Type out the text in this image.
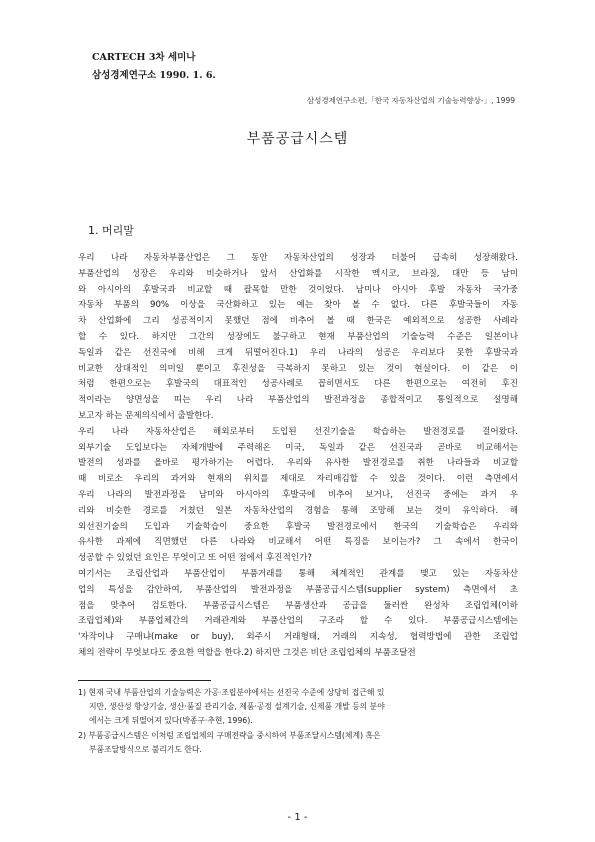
CARTECH 3차 세미나
삼성경제연구소 1990. 1. 6.
삼성경제연구소편,「한국 자동차산업의 기술능력향상-」, 1999
부품공급시스템
1. 머리말
우리 나라 자동차부품산업은 그 동안 자동차산업의 성장과 더불어 급속히 성장해왔다.
부품산업의 성장은 우리와 비슷하거나 앞서 산업화를 시작한 멕시코, 브라질, 대만 등 남미
와 아시아의 후발국과 비교할 때 괄목할 만한 것이었다. 남미나 아시아 후발 자동차 국가중
자동차 부품의 90% 이상을 국산화하고 있는 예는 찾아 볼 수 없다. 다른 후발국들이 자동
차 산업화에 그리 성공적이지 못했던 점에 비추어 볼 때 한국은 예외적으로 성공한 사례라
할 수 있다. 하지만 그간의 성장에도 불구하고 현재 부품산업의 기술능력 수준은 일본이나
독일과 같은 선진국에 비해 크게 뒤떨어진다.1) 우리 나라의 성공은 우리보다 못한 후발국과
비교한 상대적인 의미일 뿐이고 후진성을 극복하지 못하고 있는 것이 현실이다. 이 같은 이
처럼 한편으로는 후발국의 대표적인 성공사례로 꼽히면서도 다른 한편으로는 여전히 후진
적이라는 양면성을 띠는 우리 나라 부품산업의 발전과정을 종합적이고 통일적으로 설명해
보고자 하는 문제의식에서 출발한다.
우리 나라 자동차산업은 해외로부터 도입된 선진기술을 학습하는 발전경로를 걸어왔다.
외부기술 도입보다는 자체개발에 주력해온 미국, 독일과 같은 선진국과 곧바로 비교해서는
발전의 성과를 올바로 평가하기는 어렵다. 우리와 유사한 발전경로를 취한 나라들과 비교할
때 비로소 우리의 과거와 현재의 위치를 제대로 자리매김할 수 있을 것이다. 이런 측면에서
우리 나라의 발전과정을 남미와 아시아의 후발국에 비추어 보거나, 선진국 중에는 과거 우
리와 비슷한 경로를 거쳤던 일본 자동차산업의 경험을 통해 조망해 보는 것이 유익하다. 해
외선진기술의 도입과 기술학습이 중요한 후발국 발전경로에서 한국의 기술학습은 우리와
유사한 과제에 직면했던 다른 나라와 비교해서 어떤 특징을 보이는가? 그 속에서 한국이
성공할 수 있었던 요인은 무엇이고 또 어떤 점에서 후진적인가?
여기서는 조립산업과 부품산업이 부품거래를 통해 체계적인 관계를 맺고 있는 자동차산
업의 특성을 감안하여, 부품산업의 발전과정을 부품공급시스템(supplier system) 측면에서 초
점을 맞추어 검토한다. 부품공급시스템은 부품생산과 공급을 둘러싼 완성차 조립업체(이하
조립업체)와 부품업체간의 거래관계와 부품산업의 구조라 할 수 있다. 부품공급시스템에는
'자작이냐 구매냐(make or buy), 외주시 거래형태, 거래의 지속성, 협력방법에 관한 조립업
체의 전략이 무엇보다도 중요한 역할을 한다.2) 하지만 그것은 비단 조립업체의 부품조달전
1) 현재 국내 부품산업의 기술능력은 가공·조립분야에서는 선진국 수준에 상당히 접근해 있
지만, 생산성 향상기술, 생산·품질 관리기술, 제품·공정 설계기술, 신제품 개발 등의 분야
에서는 크게 뒤떨어져 있다(박종구·추현, 1996).
2) 부품공급시스템은 이처럼 조립업체의 구매전략을 중시하여 부품조달시스템(체계) 혹은
부품조달방식으로 불리기도 한다.
- 1 -
